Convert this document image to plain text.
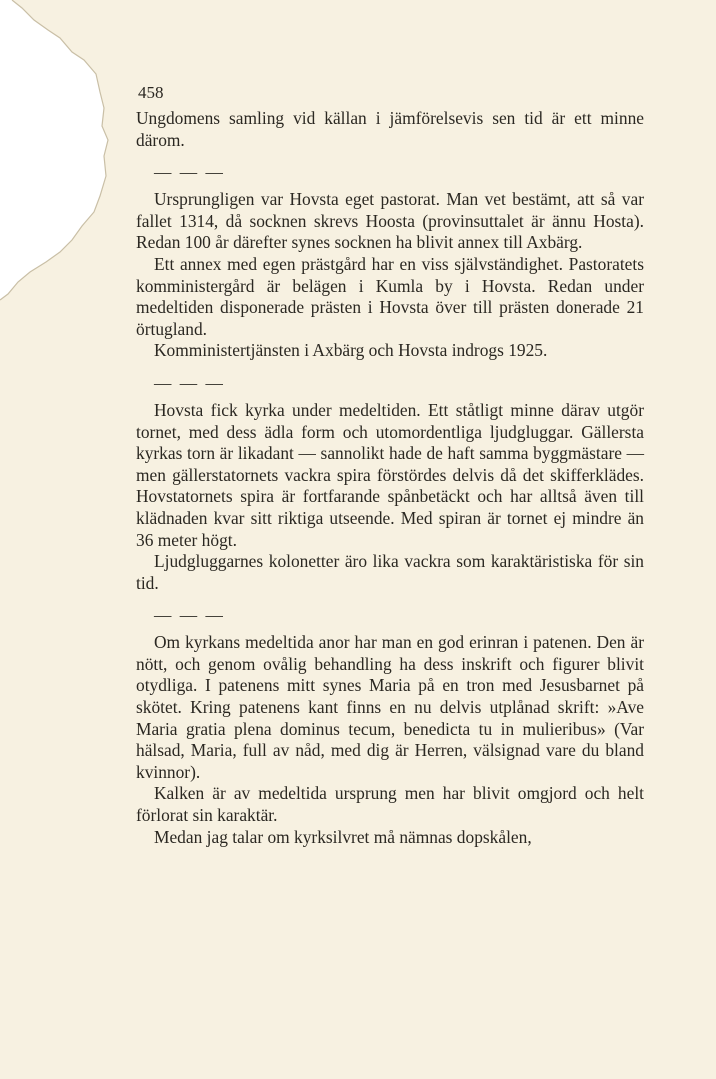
458

Ungdomens samling vid källan i jämförelsevis sen tid är ett minne därom.

— — —

Ursprungligen var Hovsta eget pastorat. Man vet bestämt, att så var fallet 1314, då socknen skrevs Hoosta (provinsuttalet är ännu Hosta). Redan 100 år därefter synes socknen ha blivit annex till Axbärg.

Ett annex med egen prästgård har en viss självständighet. Pastoratets komministergård är belägen i Kumla by i Hovsta. Redan under medeltiden disponerade prästen i Hovsta över till prästen donerade 21 örtugland.

Komministertjänsten i Axbärg och Hovsta indrogs 1925.

— — —

Hovsta fick kyrka under medeltiden. Ett ståtligt minne därav utgör tornet, med dess ädla form och utomordentliga ljudgluggar. Gällersta kyrkas torn är likadant — sannolikt hade de haft samma byggmästare — men gällerstatornets vackra spira förstördes delvis då det skifferklädes. Hovstatornets spira är fortfarande spånbetäckt och har alltså även till klädnaden kvar sitt riktiga utseende. Med spiran är tornet ej mindre än 36 meter högt.

Ljudgluggarnes kolonetter äro lika vackra som karaktäristiska för sin tid.

— — —

Om kyrkans medeltida anor har man en god erinran i patenen. Den är nött, och genom ovålig behandling ha dess inskrift och figurer blivit otydliga. I patenens mitt synes Maria på en tron med Jesusbarnet på skötet. Kring patenens kant finns en nu delvis utplånad skrift: »Ave Maria gratia plena dominus tecum, benedicta tu in mulieribus» (Var hälsad, Maria, full av nåd, med dig är Herren, välsignad vare du bland kvinnor).

Kalken är av medeltida ursprung men har blivit omgjord och helt förlorat sin karaktär.

Medan jag talar om kyrksilvret må nämnas dopskålen,
